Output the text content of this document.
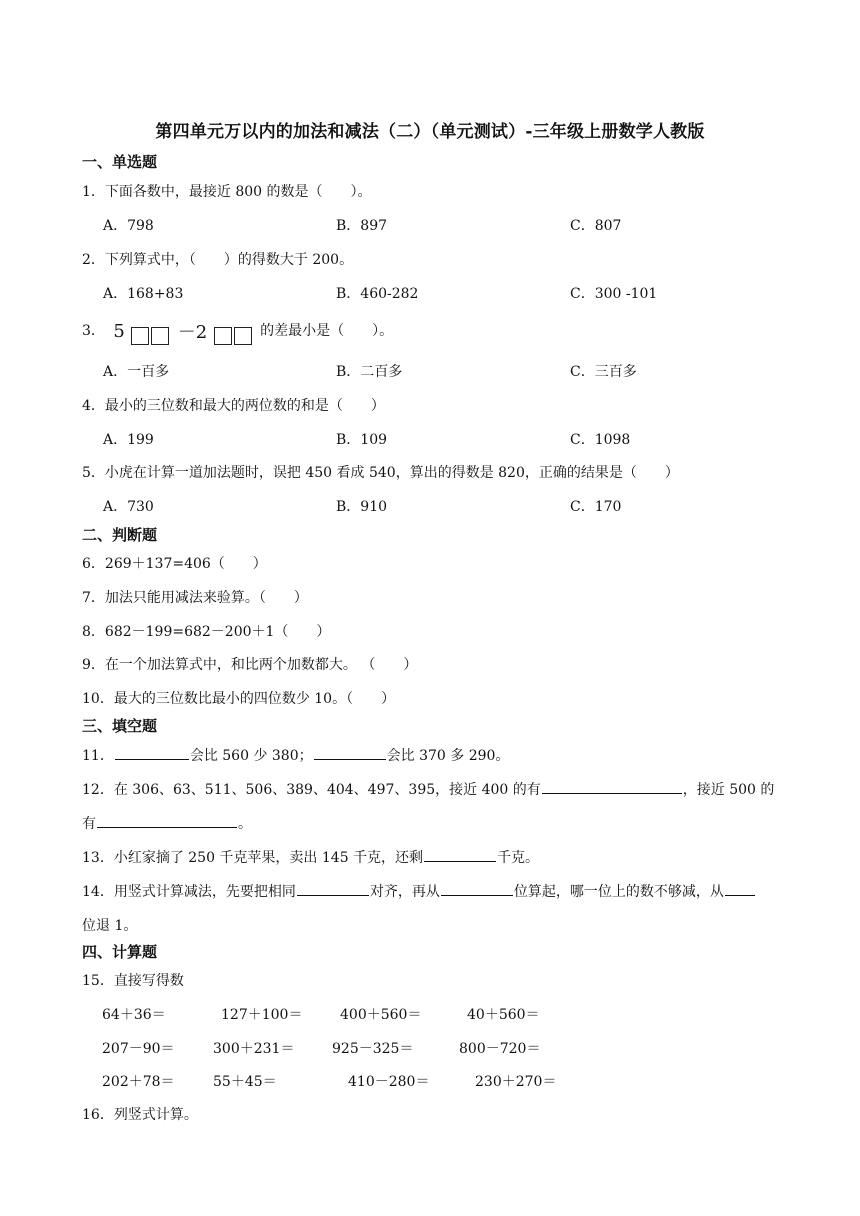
第四单元万以内的加法和减法（二）（单元测试）-三年级上册数学人教版
一、单选题
1．下面各数中，最接近 800 的数是（　　）。
A．798	B．897	C．807
2．下列算式中，（　　）的得数大于 200。
A．168+83	B．460-282	C．300 -101
3． 5	－2	的差最小是（　　）。
A．一百多	B．二百多	C．三百多
4．最小的三位数和最大的两位数的和是（　　）
A．199	B．109	C．1098
5．小虎在计算一道加法题时，误把 450 看成 540，算出的得数是 820，正确的结果是（　　）
A．730	B．910	C．170
二、判断题
6．269＋137=406（　　）
7．加法只能用减法来验算。（　　）
8．682－199=682－200＋1（　　）
9．在一个加法算式中，和比两个加数都大。 （　　）
10．最大的三位数比最小的四位数少 10。（　　）
三、填空题
11．	会比 560 少 380；	会比 370 多 290。
12．在 306、63、511、506、389、404、497、395，接近 400 的有	，接近 500 的
有	。
13．小红家摘了 250 千克苹果，卖出 145 千克，还剩	千克。
14．用竖式计算减法，先要把相同	对齐，再从	位算起，哪一位上的数不够减，从
位退 1。
四、计算题
15．直接写得数
64＋36＝	127＋100＝	400＋560＝	40＋560＝
207－90＝	300＋231＝	925－325＝	800－720＝
202＋78＝	55＋45＝	410－280＝	230＋270＝
16．列竖式计算。
